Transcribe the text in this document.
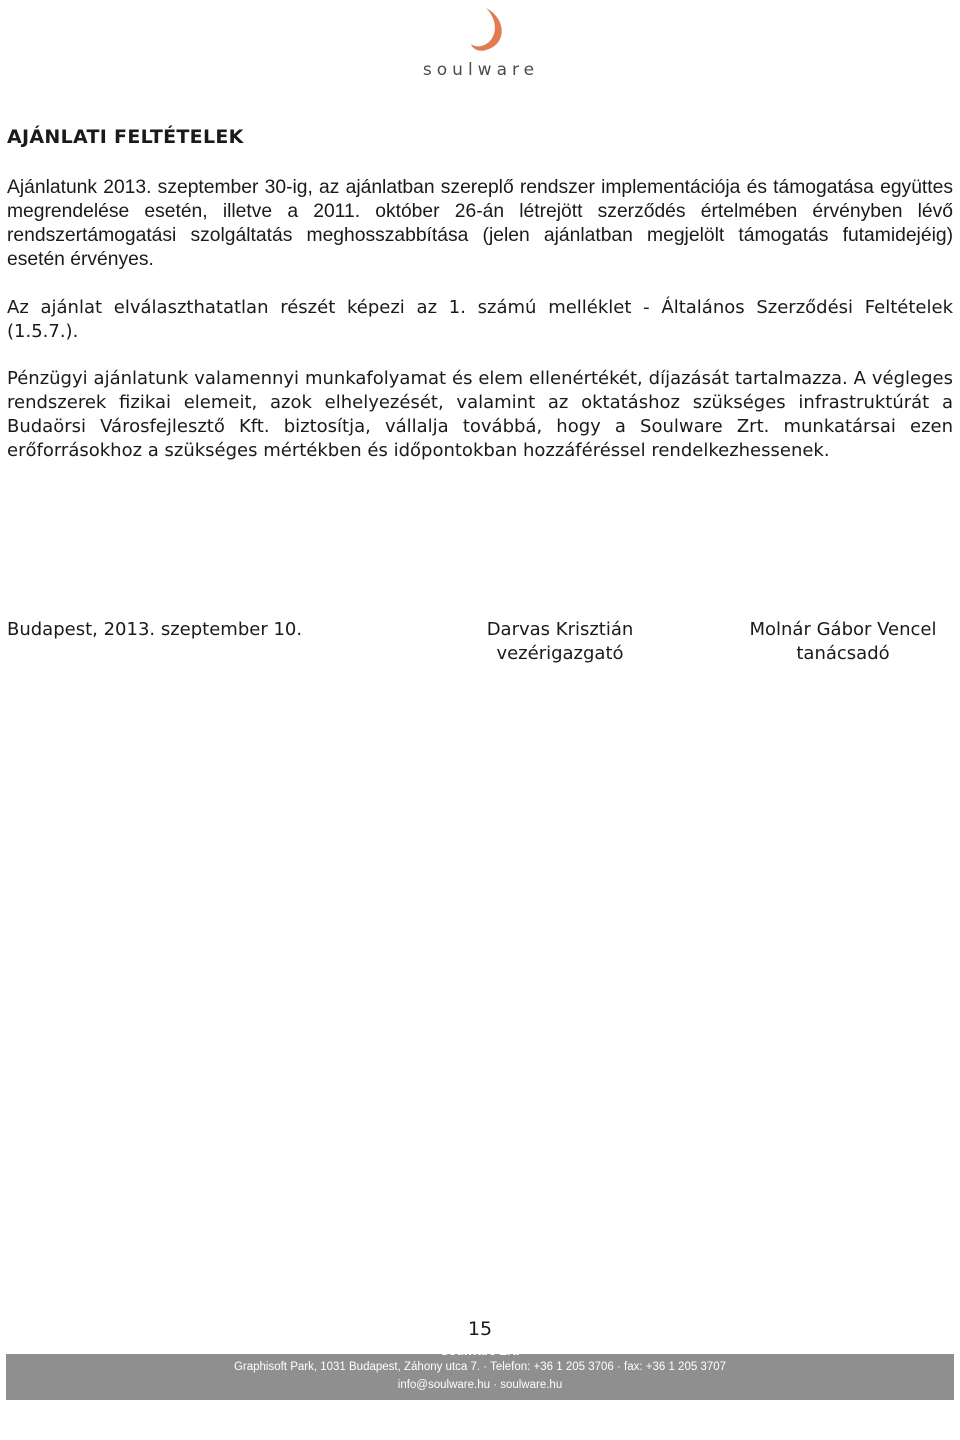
soulware
AJÁNLATI FELTÉTELEK

Ajánlatunk 2013. szeptember 30-ig, az ajánlatban szereplő rendszer implementációja és támogatása együttes megrendelése esetén, illetve a 2011. október 26-án létrejött szerződés értelmében érvényben lévő rendszertámogatási szolgáltatás meghosszabbítása (jelen ajánlatban megjelölt támogatás futamidejéig) esetén érvényes.

Az ajánlat elválaszthatatlan részét képezi az 1. számú melléklet - Általános Szerződési Feltételek (1.5.7.).

Pénzügyi ajánlatunk valamennyi munkafolyamat és elem ellenértékét, díjazását tartalmazza. A végleges rendszerek fizikai elemeit, azok elhelyezését, valamint az oktatáshoz szükséges infrastruktúrát a Budaörsi Városfejlesztő Kft. biztosítja, vállalja továbbá, hogy a Soulware Zrt. munkatársai ezen erőforrásokhoz a szükséges mértékben és időpontokban hozzáféréssel rendelkezhessenek.

Budapest, 2013. szeptember 10.	Darvas Krisztián
vezérigazgató
Molnár Gábor Vencel
tanácsadó
15
Soulware Zrt.
Graphisoft Park, 1031 Budapest, Záhony utca 7. · Telefon: +36 1 205 3706 · fax: +36 1 205 3707
info@soulware.hu · soulware.hu
